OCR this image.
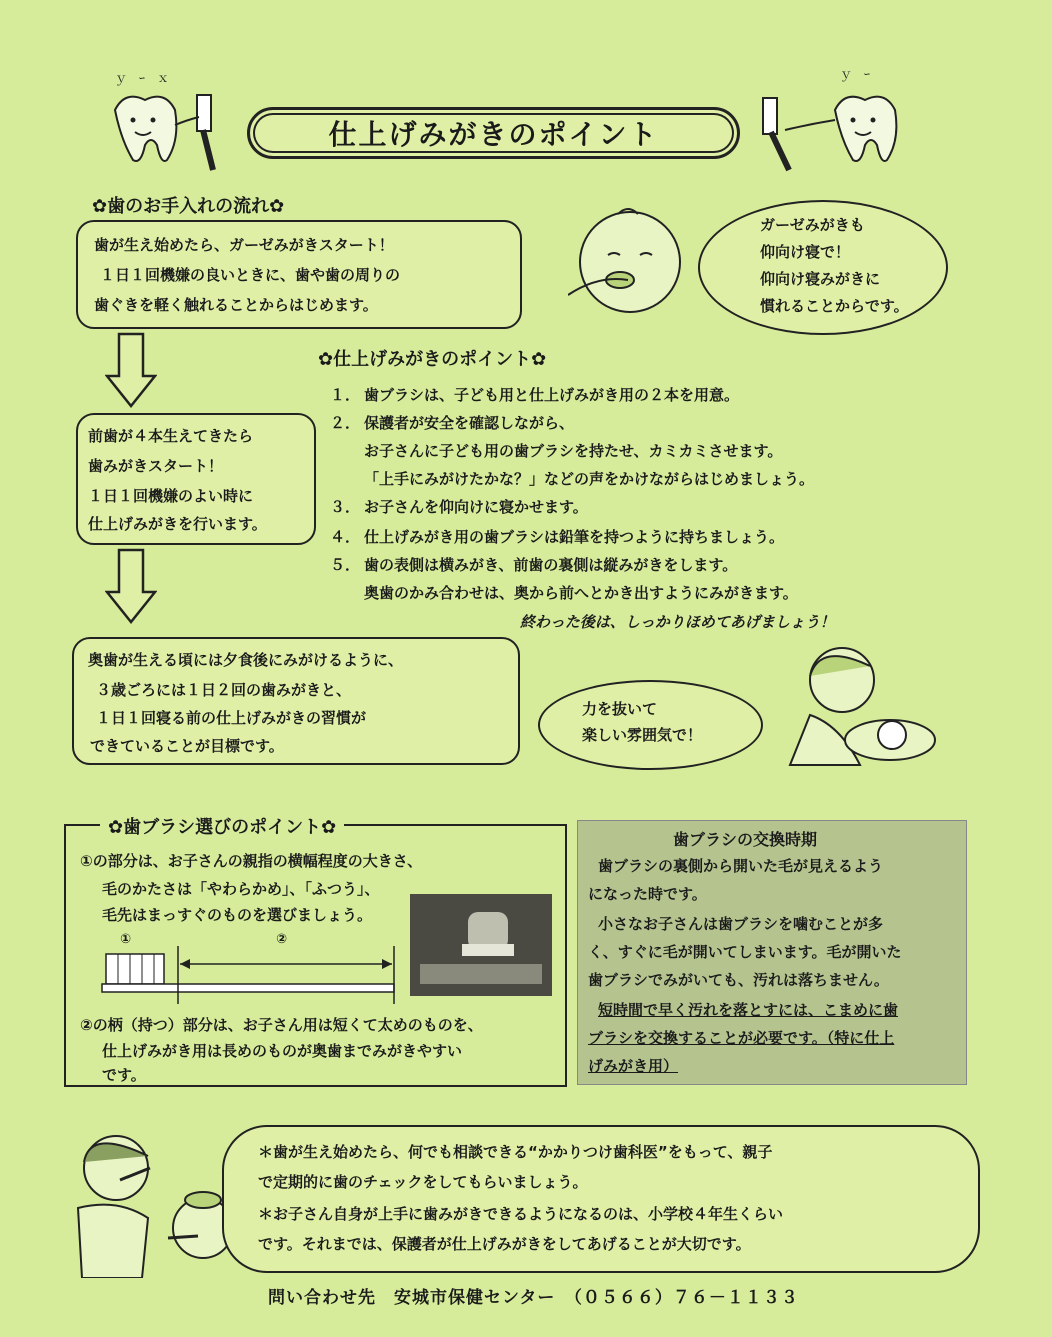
仕上げみがきのポイント
ｙ　ｰ　ｘ	ｙ　ｰ
✿歯のお手入れの流れ✿
歯が生え始めたら、ガーゼみがきスタート！
１日１回機嫌の良いときに、歯や歯の周りの
歯ぐきを軽く触れることからはじめます。
ガーゼみがきも
仰向け寝で！
仰向け寝みがきに
慣れることからです。
✿仕上げみがきのポイント✿
前歯が４本生えてきたら
歯みがきスタート！
１日１回機嫌のよい時に
仕上げみがきを行います。
１． 歯ブラシは、子ども用と仕上げみがき用の２本を用意。
２． 保護者が安全を確認しながら、
お子さんに子ども用の歯ブラシを持たせ、カミカミさせます。
「上手にみがけたかな？」などの声をかけながらはじめましょう。
３． お子さんを仰向けに寝かせます。
４． 仕上げみがき用の歯ブラシは鉛筆を持つように持ちましょう。
５． 歯の表側は横みがき、前歯の裏側は縦みがきをします。
奥歯のかみ合わせは、奥から前へとかき出すようにみがきます。
終わった後は、しっかりほめてあげましょう！
奥歯が生える頃には夕食後にみがけるように、
３歳ごろには１日２回の歯みがきと、
１日１回寝る前の仕上げみがきの習慣が
できていることが目標です。
力を抜いて
楽しい雰囲気で！
✿歯ブラシ選びのポイント✿
①の部分は、お子さんの親指の横幅程度の大きさ、
毛のかたさは「やわらかめ」、「ふつう」、
毛先はまっすぐのものを選びましょう。
①	②
②の柄（持つ）部分は、お子さん用は短くて太めのものを、
仕上げみがき用は長めのものが奥歯までみがきやすい
です。
歯ブラシの交換時期
歯ブラシの裏側から開いた毛が見えるよう
になった時です。
小さなお子さんは歯ブラシを噛むことが多
く、すぐに毛が開いてしまいます。毛が開いた
歯ブラシでみがいても、汚れは落ちません。
短時間で早く汚れを落とすには、こまめに歯
ブラシを交換することが必要です。（特に仕上
げみがき用）
＊歯が生え始めたら、何でも相談できる“かかりつけ歯科医”をもって、親子
で定期的に歯のチェックをしてもらいましょう。
＊お子さん自身が上手に歯みがきできるようになるのは、小学校４年生くらい
です。それまでは、保護者が仕上げみがきをしてあげることが大切です。
問い合わせ先　安城市保健センター　（０５６６）７６－１１３３
